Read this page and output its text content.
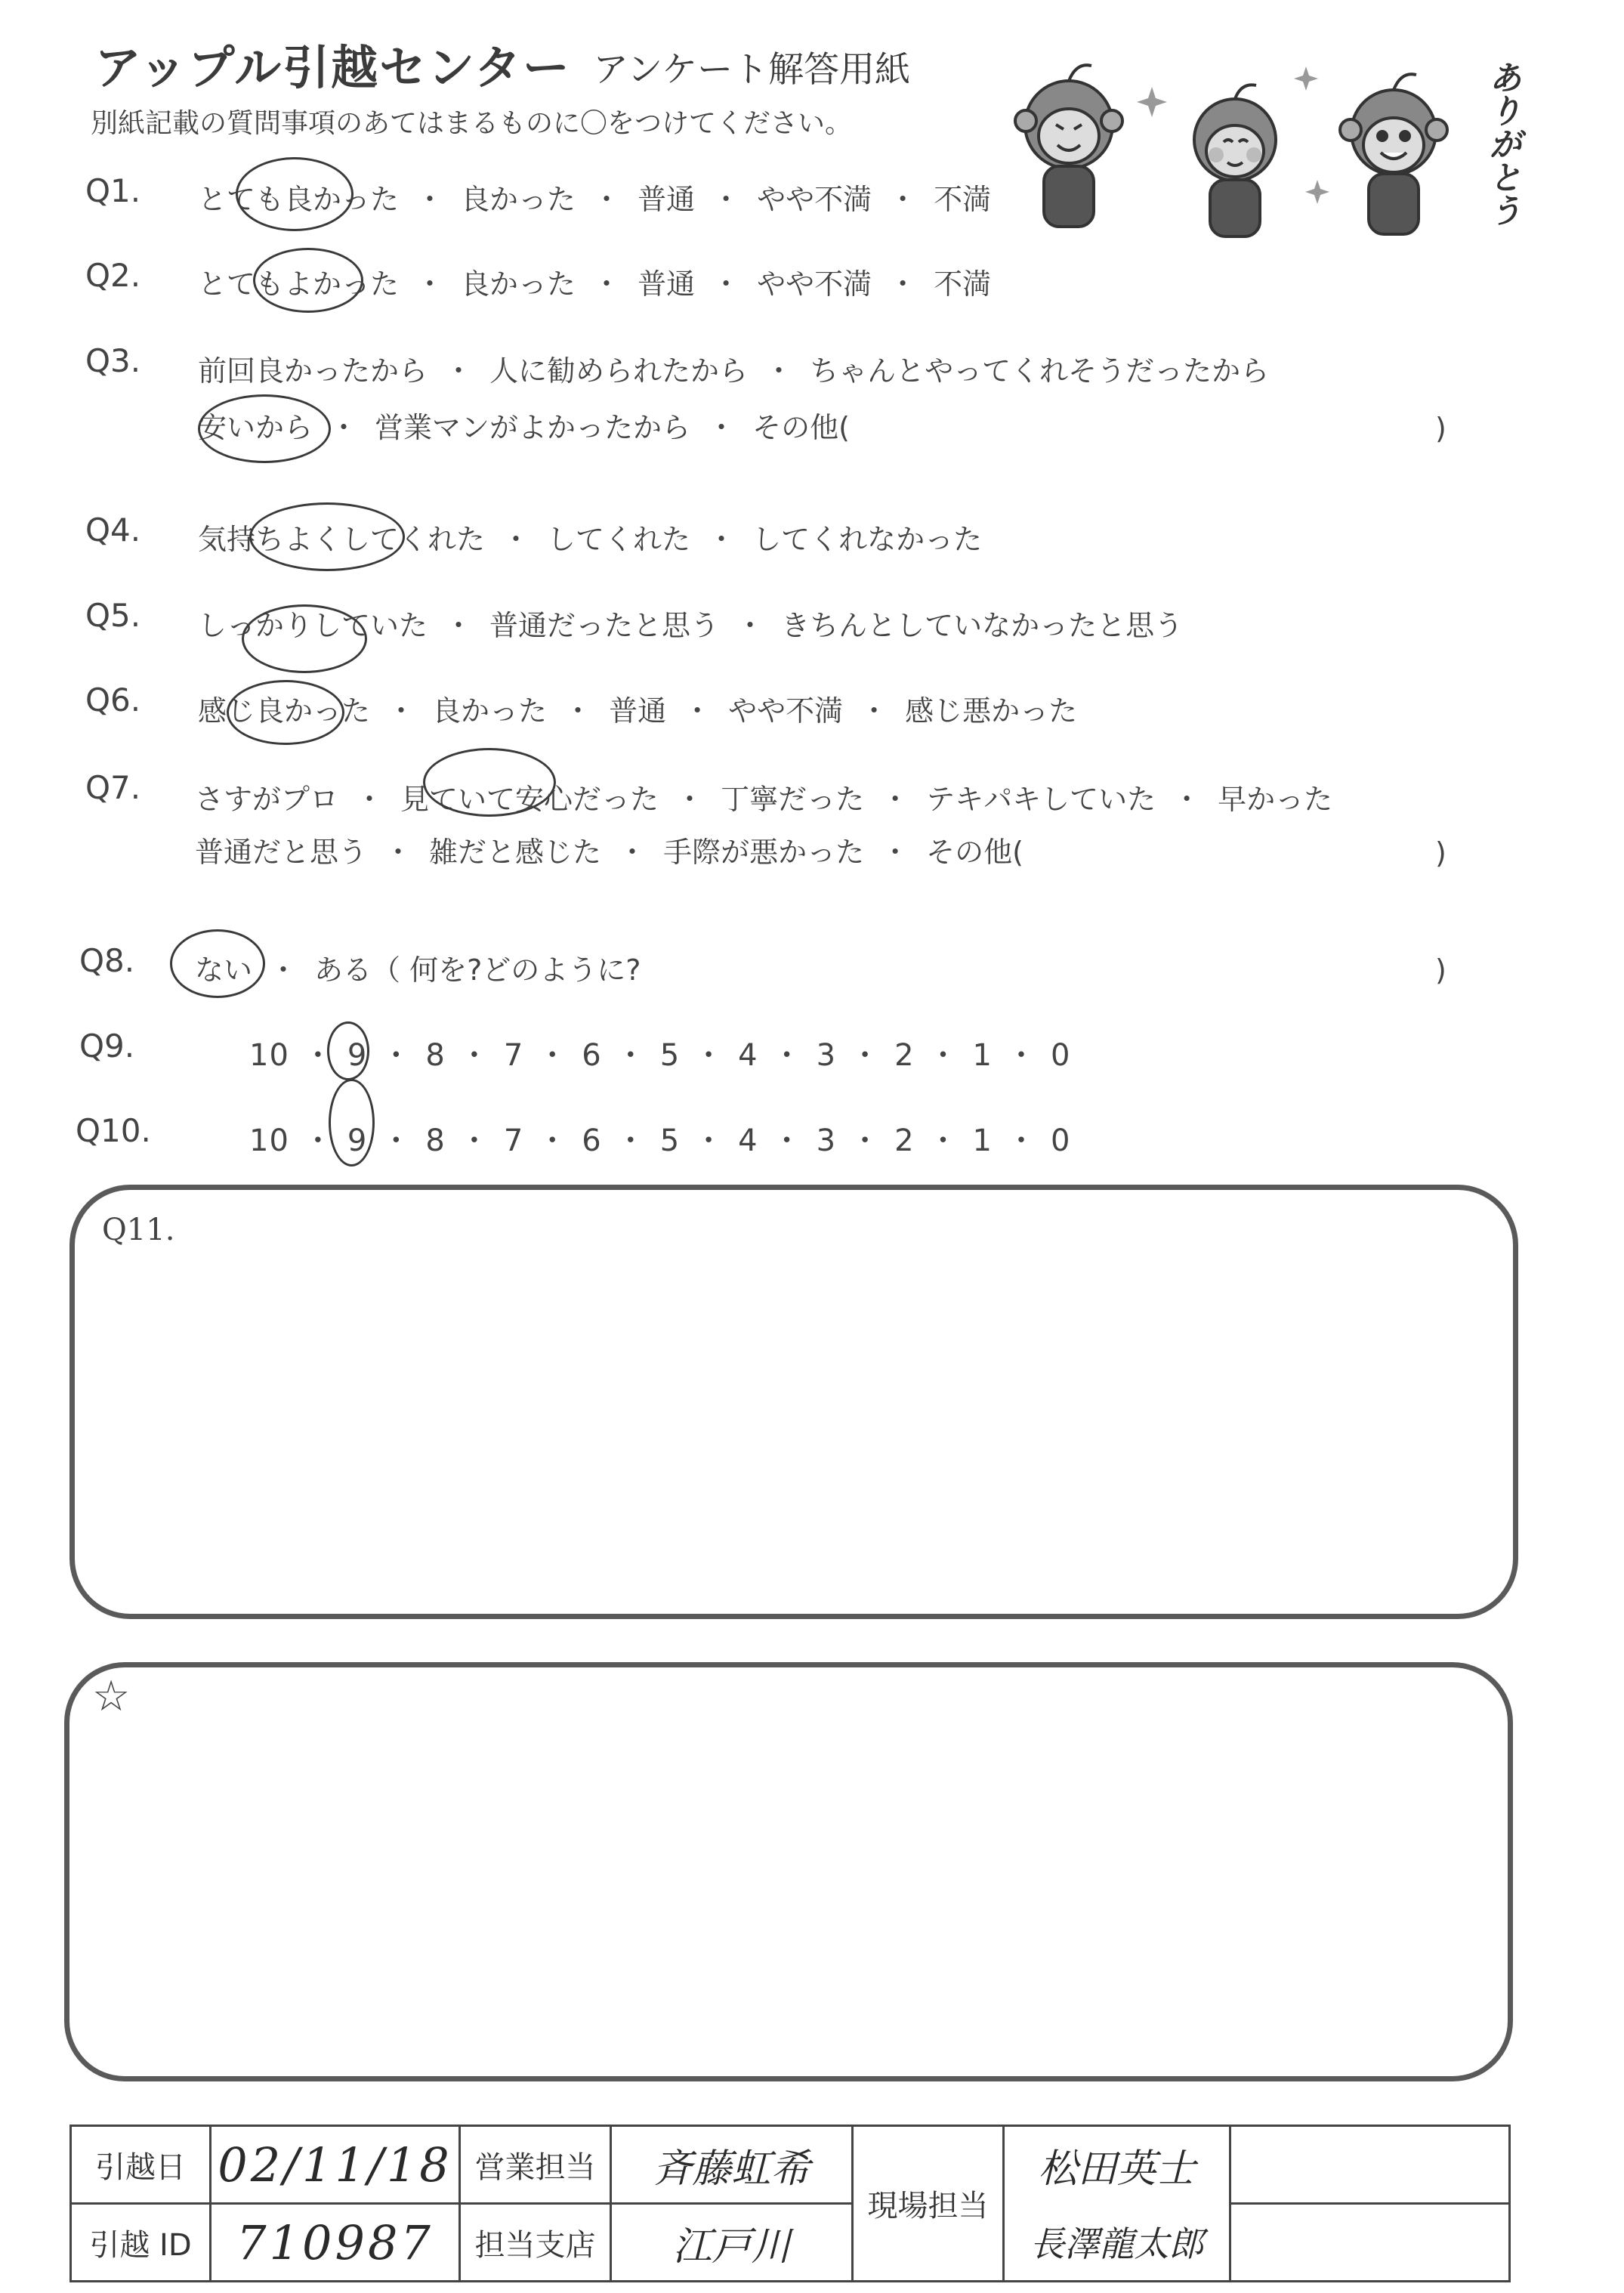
アップル引越センター アンケート解答用紙
別紙記載の質問事項のあてはまるものに〇をつけてください。	ありがとう
Q1. とても良かった ・ 良かった ・ 普通 ・ やや不満 ・ 不満
Q2. とてもよかった ・ 良かった ・ 普通 ・ やや不満 ・ 不満
Q3. 前回良かったから ・ 人に勧められたから ・ ちゃんとやってくれそうだったから
安いから ・ 営業マンがよかったから ・ その他(	)
Q4. 気持ちよくしてくれた ・ してくれた ・ してくれなかった
Q5. しっかりしていた ・ 普通だったと思う ・ きちんとしていなかったと思う
Q6. 感じ良かった ・ 良かった ・ 普通 ・ やや不満 ・ 感じ悪かった
Q7. さすがプロ ・ 見ていて安心だった ・ 丁寧だった ・ テキパキしていた ・ 早かった
普通だと思う ・ 雑だと感じた ・ 手際が悪かった ・ その他(	)
Q8. ない ・ ある（ 何を?どのように?	)
Q9.	10 ・ 9 ・ 8 ・ 7 ・ 6 ・ 5 ・ 4 ・ 3 ・ 2 ・ 1 ・ 0
Q10.	10 ・ 9 ・ 8 ・ 7 ・ 6 ・ 5 ・ 4 ・ 3 ・ 2 ・ 1 ・ 0
Q11.
☆
引越日	02/11/18	営業担当	斉藤虹希	現場担当	松田英士	
引越 ID	710987	担当支店	江戸川		長澤龍太郎	
